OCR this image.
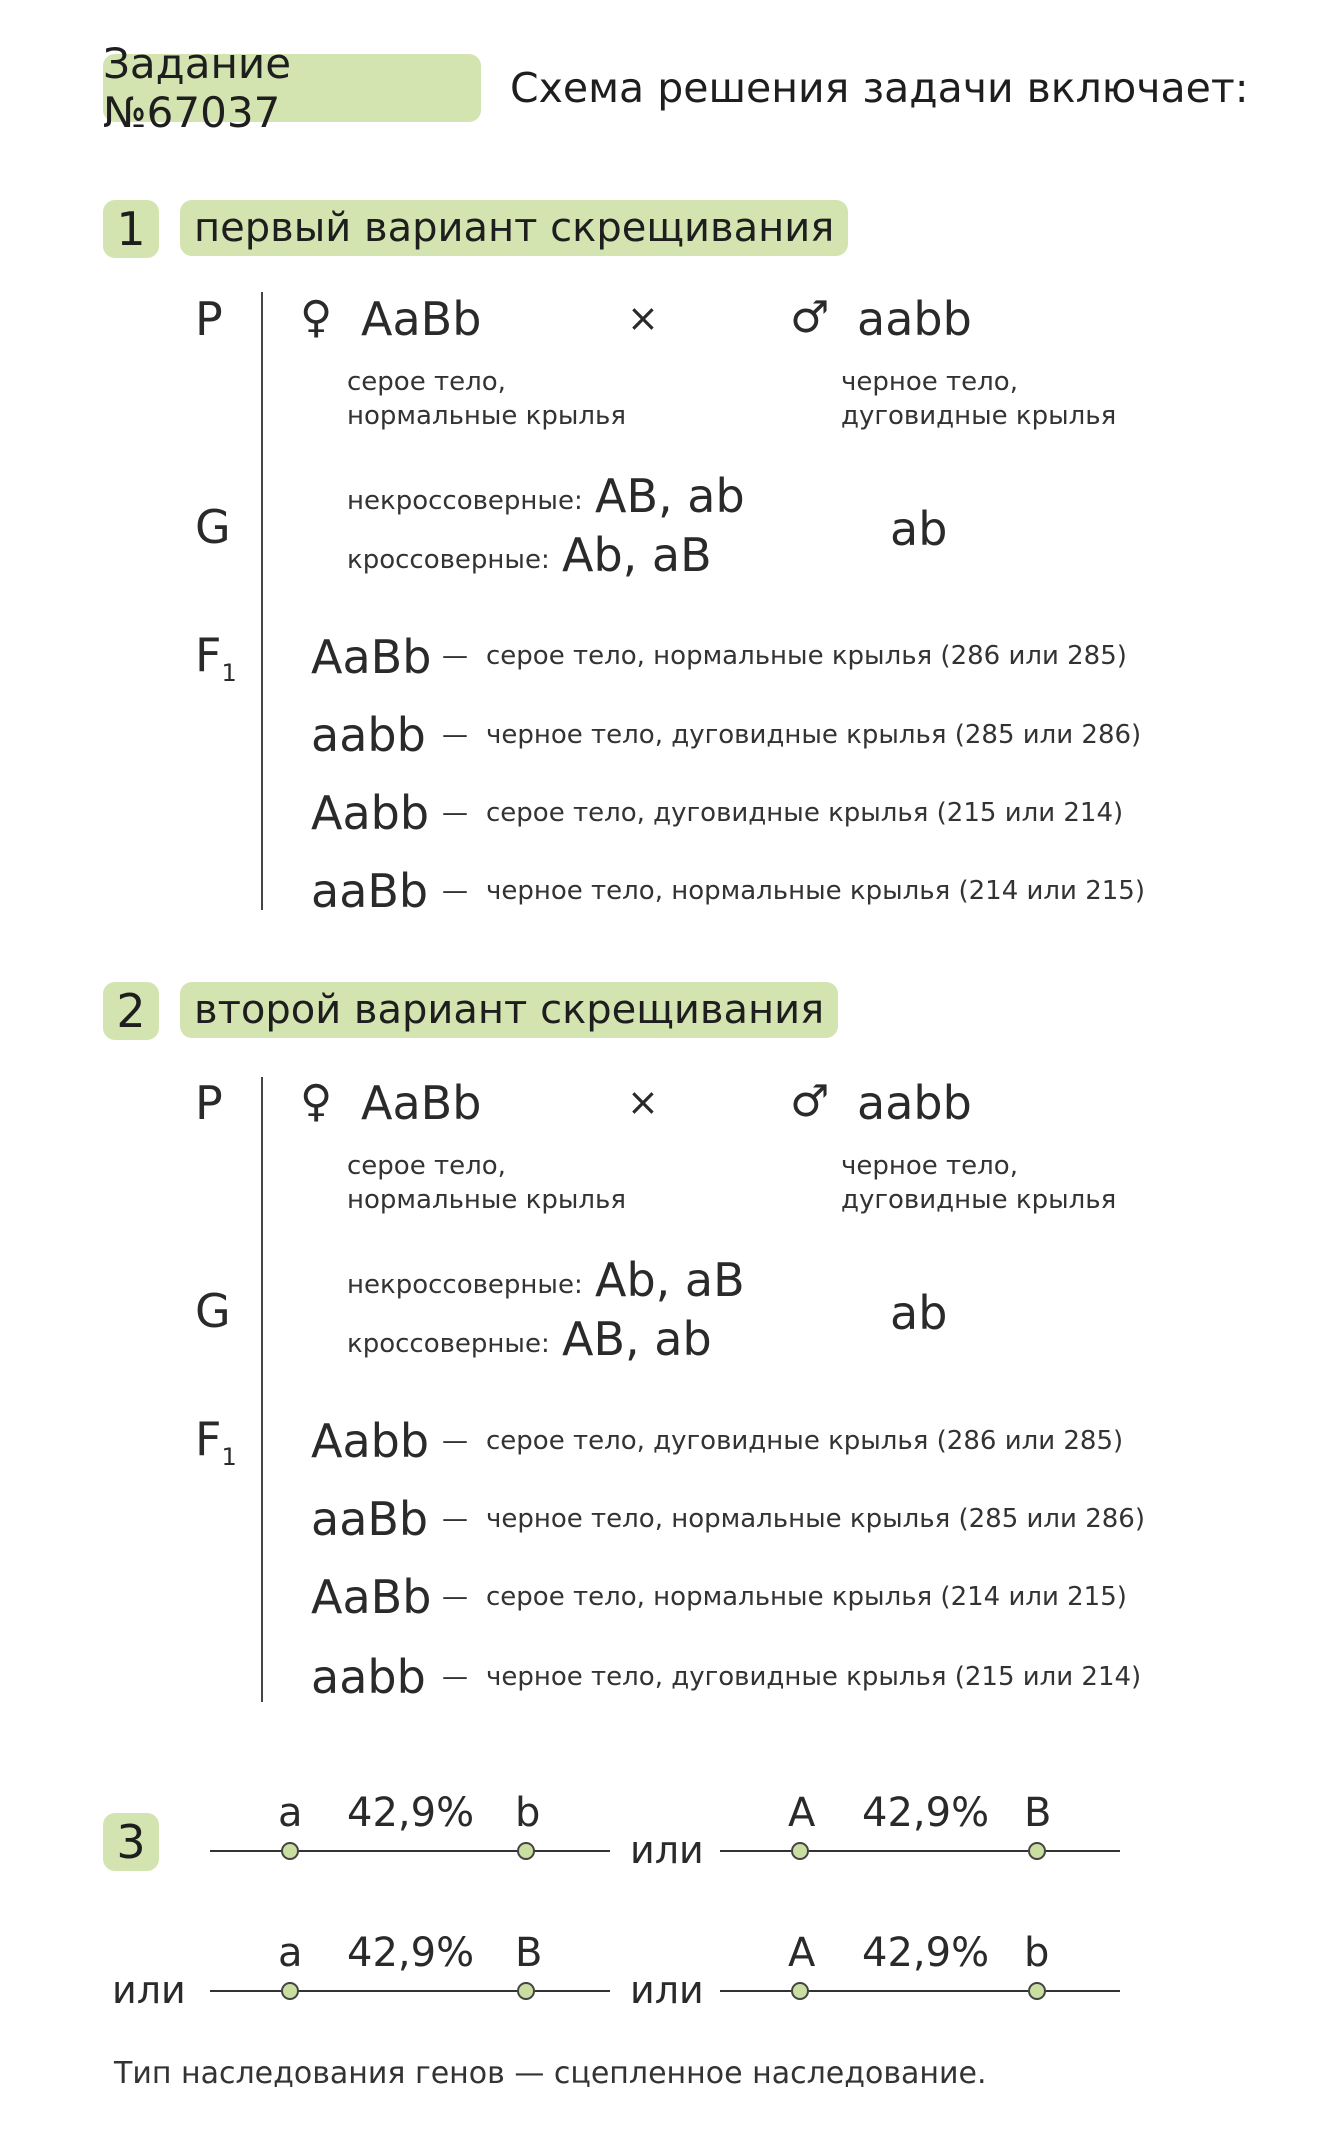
Задание №67037	Схема решения задачи включает:
1 первый вариант скрещивания
P ♀ AaBb	×	♂ aabb
серое тело,
нормальные крылья
черное тело,
дуговидные крылья
G	некроссоверные: AB, ab
кроссоверные: Ab, aB	ab
$F_1$ AaBb — серое тело, нормальные крылья (286 или 285)
aabb — черное тело, дуговидные крылья (285 или 286)
Aabb — серое тело, дуговидные крылья (215 или 214)
aaBb — черное тело, нормальные крылья (214 или 215)
2 второй вариант скрещивания
P ♀ AaBb	×	♂ aabb
серое тело,
нормальные крылья
черное тело,
дуговидные крылья
G	некроссоверные: Ab, aB
кроссоверные: AB, ab	ab
$F_1$ Aabb — серое тело, дуговидные крылья (286 или 285)
aaBb — черное тело, нормальные крылья (285 или 286)
AaBb — серое тело, нормальные крылья (214 или 215)
aabb — черное тело, дуговидные крылья (215 или 214)
3
a 42,9% b
или
A 42,9% B
или
a 42,9% B
или
A 42,9% b
Тип наследования генов — сцепленное наследование.
